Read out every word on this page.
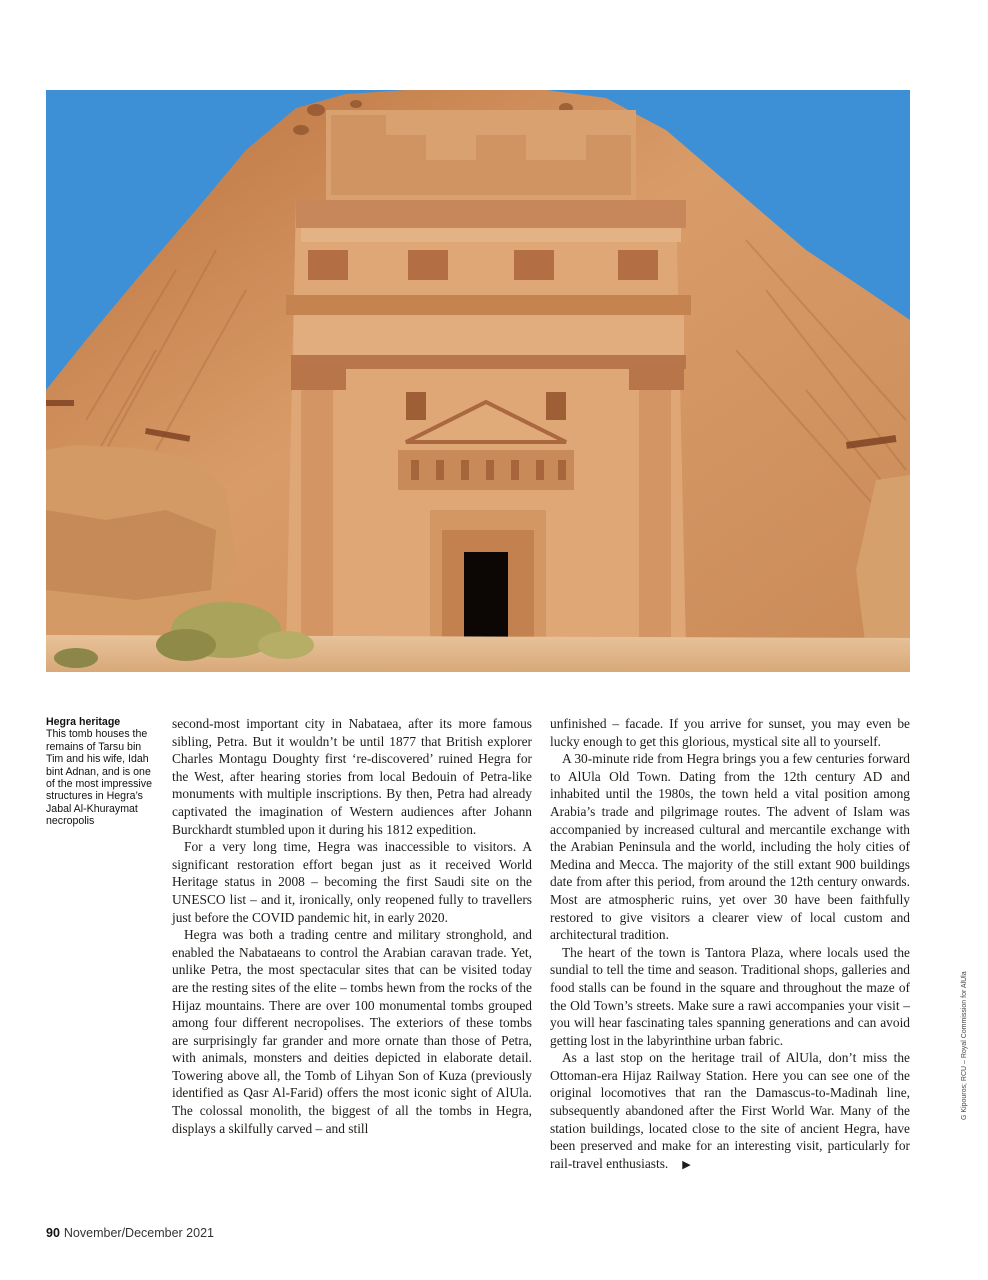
Hegra heritage
This tomb houses the remains of Tarsu bin Tim and his wife, Idah bint Adnan, and is one of the most impressive structures in Hegra’s Jabal Al-Khuraymat necropolis

second-most important city in Nabataea, after its more famous sibling, Petra. But it wouldn’t be until 1877 that British explorer Charles Montagu Doughty first ‘re-discovered’ ruined Hegra for the West, after hearing stories from local Bedouin of Petra-like monuments with multiple inscriptions. By then, Petra had already captivated the imagination of Western audiences after Johann Burckhardt stumbled upon it during his 1812 expedition.

For a very long time, Hegra was inaccessible to visitors. A significant restoration effort began just as it received World Heritage status in 2008 – becoming the first Saudi site on the UNESCO list – and it, ironically, only reopened fully to travellers just before the COVID pandemic hit, in early 2020.

Hegra was both a trading centre and military stronghold, and enabled the Nabataeans to control the Arabian caravan trade. Yet, unlike Petra, the most spectacular sites that can be visited today are the resting sites of the elite – tombs hewn from the rocks of the Hijaz mountains. There are over 100 monumental tombs grouped among four different necropolises. The exteriors of these tombs are surprisingly far grander and more ornate than those of Petra, with animals, monsters and deities depicted in elaborate detail. Towering above all, the Tomb of Lihyan Son of Kuza (previously identified as Qasr Al-Farid) offers the most iconic sight of AlUla. The colossal monolith, the biggest of all the tombs in Hegra, displays a skilfully carved – and still

unfinished – facade. If you arrive for sunset, you may even be lucky enough to get this glorious, mystical site all to yourself.

A 30-minute ride from Hegra brings you a few centuries forward to AlUla Old Town. Dating from the 12th century AD and inhabited until the 1980s, the town held a vital position among Arabia’s trade and pilgrimage routes. The advent of Islam was accompanied by increased cultural and mercantile exchange with the Arabian Peninsula and the world, including the holy cities of Medina and Mecca. The majority of the still extant 900 buildings date from after this period, from around the 12th century onwards. Most are atmospheric ruins, yet over 30 have been faithfully restored to give visitors a clearer view of local custom and architectural tradition.

The heart of the town is Tantora Plaza, where locals used the sundial to tell the time and season. Traditional shops, galleries and food stalls can be found in the square and throughout the maze of the Old Town’s streets. Make sure a rawi accompanies your visit – you will hear fascinating tales spanning generations and can avoid getting lost in the labyrinthine urban fabric.

As a last stop on the heritage trail of AlUla, don’t miss the Ottoman-era Hijaz Railway Station. Here you can see one of the original locomotives that ran the Damascus-to-Madinah line, subsequently abandoned after the First World War. Many of the station buildings, located close to the site of ancient Hegra, have been preserved and make for an interesting visit, particularly for rail-travel enthusiasts. ▶

G Kipouros; RCU – Royal Commission for AlUla
90 November/December 2021
